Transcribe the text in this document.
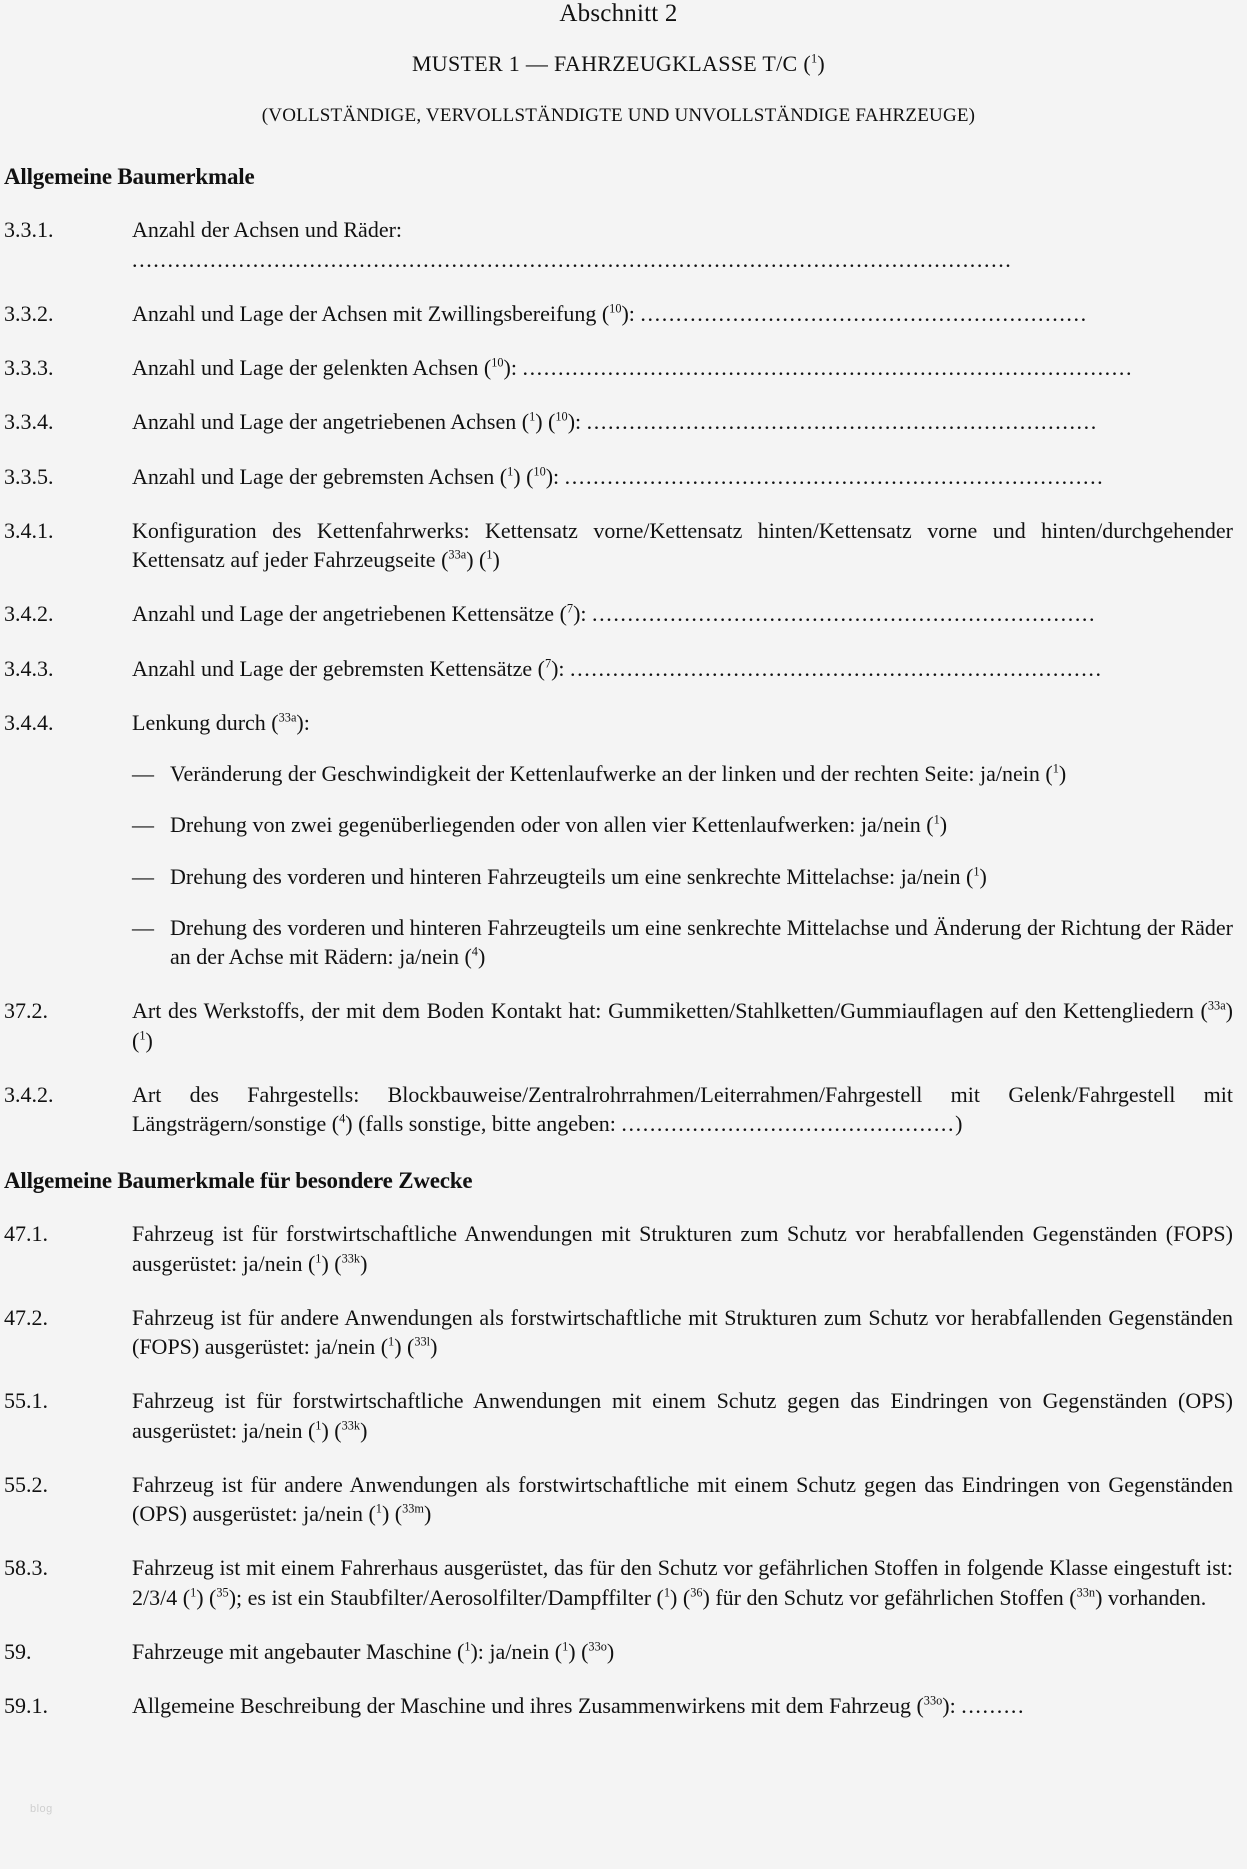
Abschnitt 2
MUSTER 1 — FAHRZEUGKLASSE T/C ($^1$)
(VOLLSTÄNDIGE, VERVOLLSTÄNDIGTE UND UNVOLLSTÄNDIGE FAHRZEUGE)
Allgemeine Baumerkmale
3.3.1.	Anzahl der Achsen und Räder: ............................................................................................................................
3.3.2.	Anzahl und Lage der Achsen mit Zwillingsbereifung ($^{10}$): ...............................................................
3.3.3.	Anzahl und Lage der gelenkten Achsen ($^{10}$): ......................................................................................
3.3.4.	Anzahl und Lage der angetriebenen Achsen ($^1$) ($^{10}$): ........................................................................
3.3.5.	Anzahl und Lage der gebremsten Achsen ($^1$) ($^{10}$): ............................................................................
3.4.1.	Konfiguration des Kettenfahrwerks: Kettensatz vorne/Kettensatz hinten/Kettensatz vorne und hinten/durchgehender Kettensatz auf jeder Fahrzeugseite ($^{33a}$) ($^1$)
3.4.2.	Anzahl und Lage der angetriebenen Kettensätze ($^7$): .......................................................................
3.4.3.	Anzahl und Lage der gebremsten Kettensätze ($^7$): ...........................................................................
3.4.4.	Lenkung durch ($^{33a}$):
— Veränderung der Geschwindigkeit der Kettenlaufwerke an der linken und der rechten Seite: ja/nein ($^1$)
— Drehung von zwei gegenüberliegenden oder von allen vier Kettenlaufwerken: ja/nein ($^1$)
— Drehung des vorderen und hinteren Fahrzeugteils um eine senkrechte Mittelachse: ja/nein ($^1$)
— Drehung des vorderen und hinteren Fahrzeugteils um eine senkrechte Mittelachse und Änderung der Richtung der Räder an der Achse mit Rädern: ja/nein ($^4$)
37.2.	Art des Werkstoffs, der mit dem Boden Kontakt hat: Gummiketten/Stahlketten/Gummiauflagen auf den Kettengliedern ($^{33a}$) ($^1$)
3.4.2.	Art des Fahrgestells: Blockbauweise/Zentralrohrrahmen/Leiterrahmen/Fahrgestell mit Gelenk/Fahrgestell mit Längsträgern/sonstige ($^4$) (falls sonstige, bitte angeben: ...............................................)
Allgemeine Baumerkmale für besondere Zwecke
47.1.	Fahrzeug ist für forstwirtschaftliche Anwendungen mit Strukturen zum Schutz vor herabfallenden Gegenständen (FOPS) ausgerüstet: ja/nein ($^1$) ($^{33k}$)
47.2.	Fahrzeug ist für andere Anwendungen als forstwirtschaftliche mit Strukturen zum Schutz vor herabfallenden Gegenständen (FOPS) ausgerüstet: ja/nein ($^1$) ($^{33l}$)
55.1.	Fahrzeug ist für forstwirtschaftliche Anwendungen mit einem Schutz gegen das Eindringen von Gegenständen (OPS) ausgerüstet: ja/nein ($^1$) ($^{33k}$)
55.2.	Fahrzeug ist für andere Anwendungen als forstwirtschaftliche mit einem Schutz gegen das Eindringen von Gegenständen (OPS) ausgerüstet: ja/nein ($^1$) ($^{33m}$)
58.3.	Fahrzeug ist mit einem Fahrerhaus ausgerüstet, das für den Schutz vor gefährlichen Stoffen in folgende Klasse eingestuft ist: 2/3/4 ($^1$) ($^{35}$); es ist ein Staubfilter/Aerosolfilter/Dampffilter ($^1$) ($^{36}$) für den Schutz vor gefährlichen Stoffen ($^{33n}$) vorhanden.
59.	Fahrzeuge mit angebauter Maschine ($^1$): ja/nein ($^1$) ($^{33o}$)
59.1.	Allgemeine Beschreibung der Maschine und ihres Zusammenwirkens mit dem Fahrzeug ($^{33o}$): .........
blog
